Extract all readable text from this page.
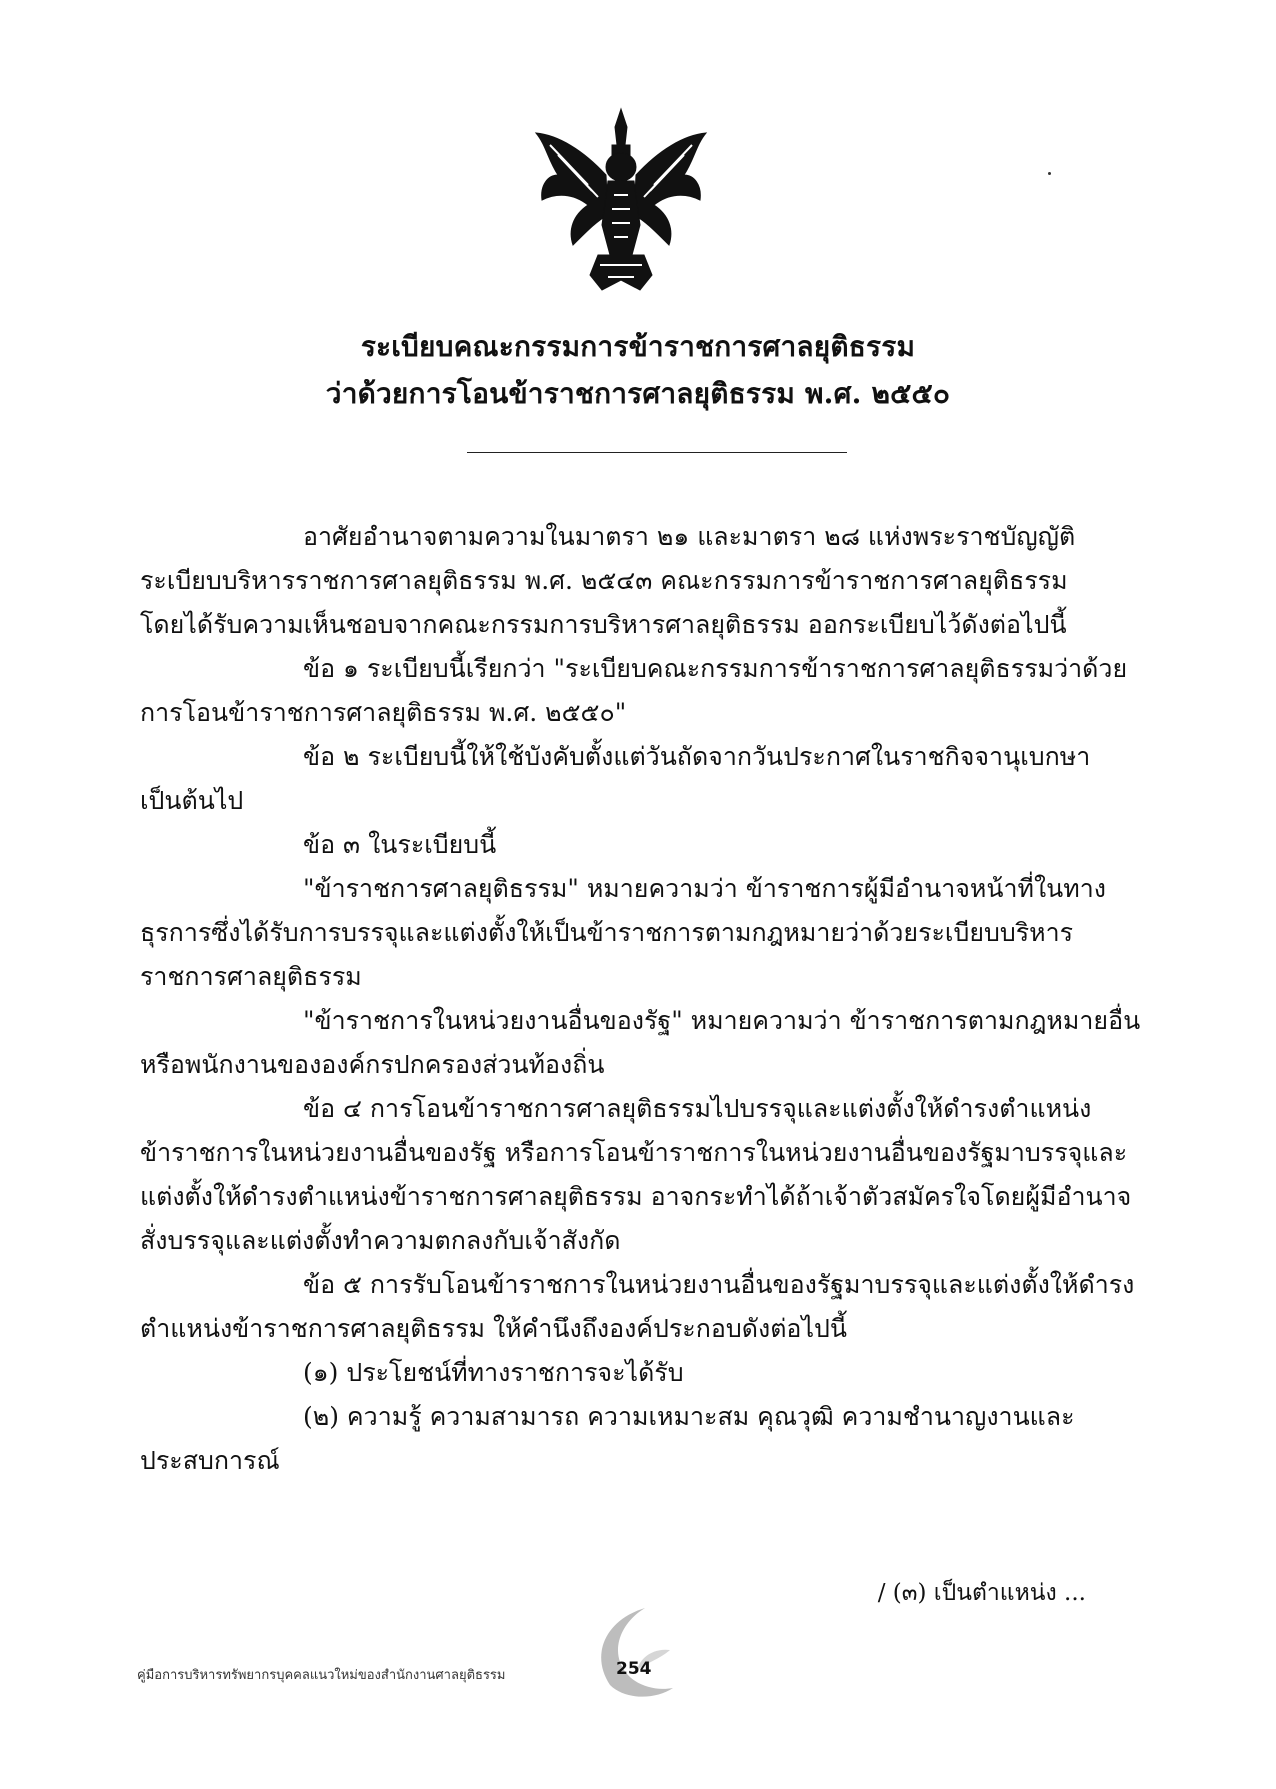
ระเบียบคณะกรรมการข้าราชการศาลยุติธรรม
ว่าด้วยการโอนข้าราชการศาลยุติธรรม พ.ศ. ๒๕๕๐
อาศัยอำนาจตามความในมาตรา ๒๑ และมาตรา ๒๘ แห่งพระราชบัญญัติ
ระเบียบบริหารราชการศาลยุติธรรม พ.ศ. ๒๕๔๓ คณะกรรมการข้าราชการศาลยุติธรรม
โดยได้รับความเห็นชอบจากคณะกรรมการบริหารศาลยุติธรรม ออกระเบียบไว้ดังต่อไปนี้
ข้อ ๑ ระเบียบนี้เรียกว่า "ระเบียบคณะกรรมการข้าราชการศาลยุติธรรมว่าด้วย
การโอนข้าราชการศาลยุติธรรม พ.ศ. ๒๕๕๐"
ข้อ ๒ ระเบียบนี้ให้ใช้บังคับตั้งแต่วันถัดจากวันประกาศในราชกิจจานุเบกษา
เป็นต้นไป
ข้อ ๓ ในระเบียบนี้
"ข้าราชการศาลยุติธรรม" หมายความว่า ข้าราชการผู้มีอำนาจหน้าที่ในทาง
ธุรการซึ่งได้รับการบรรจุและแต่งตั้งให้เป็นข้าราชการตามกฎหมายว่าด้วยระเบียบบริหาร
ราชการศาลยุติธรรม
"ข้าราชการในหน่วยงานอื่นของรัฐ" หมายความว่า ข้าราชการตามกฎหมายอื่น
หรือพนักงานขององค์กรปกครองส่วนท้องถิ่น
ข้อ ๔ การโอนข้าราชการศาลยุติธรรมไปบรรจุและแต่งตั้งให้ดำรงตำแหน่ง
ข้าราชการในหน่วยงานอื่นของรัฐ หรือการโอนข้าราชการในหน่วยงานอื่นของรัฐมาบรรจุและ
แต่งตั้งให้ดำรงตำแหน่งข้าราชการศาลยุติธรรม อาจกระทำได้ถ้าเจ้าตัวสมัครใจโดยผู้มีอำนาจ
สั่งบรรจุและแต่งตั้งทำความตกลงกับเจ้าสังกัด
ข้อ ๕ การรับโอนข้าราชการในหน่วยงานอื่นของรัฐมาบรรจุและแต่งตั้งให้ดำรง
ตำแหน่งข้าราชการศาลยุติธรรม ให้คำนึงถึงองค์ประกอบดังต่อไปนี้
(๑) ประโยชน์ที่ทางราชการจะได้รับ
(๒) ความรู้ ความสามารถ ความเหมาะสม คุณวุฒิ ความชำนาญงานและ
ประสบการณ์
/ (๓) เป็นตำแหน่ง ...
คู่มือการบริหารทรัพยากรบุคคลแนวใหม่ของสำนักงานศาลยุติธรรม	254
